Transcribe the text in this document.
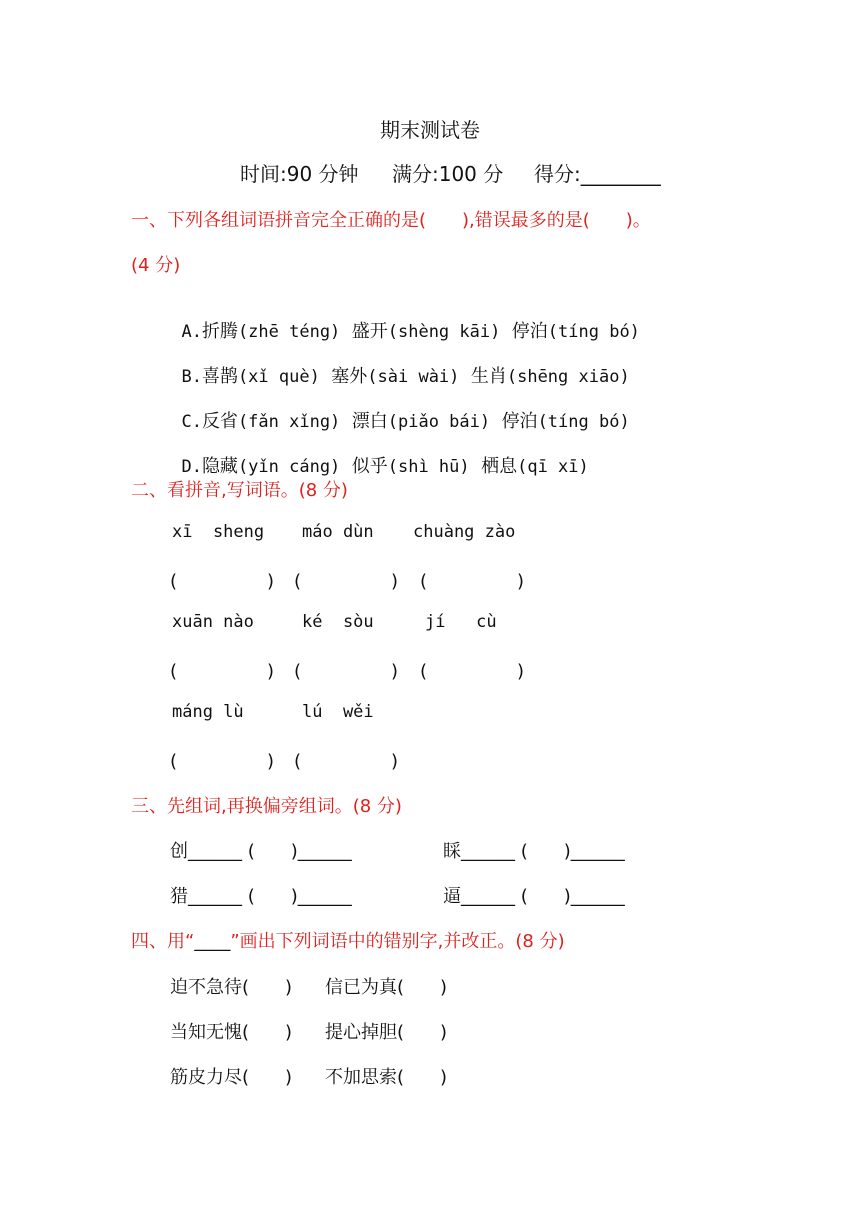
期末测试卷
时间:90 分钟 满分:100 分 得分:________
一、下列各组词语拼音完全正确的是(　　),错误最多的是(　　)。
(4 分)

A.折腾(zhē téng) 盛开(shèng kāi) 停泊(tíng bó)

B.喜鹊(xǐ què) 塞外(sài wài) 生肖(shēng xiāo)

C.反省(fǎn xǐng) 漂白(piǎo bái) 停泊(tíng bó)

D.隐藏(yǐn cáng) 似乎(shì hū) 栖息(qī xī)

二、看拼音,写词语。(8 分)
xī  sheng máo dùn chuàng zào
(　　　　　) (　　　　　) (　　　　　)
xuān nào	ké  sòu	jí   cù
(　　　　　) (　　　　　) (　　　　　)
máng lù	lú  wěi
(　　　　　) (　　　　　)
三、先组词,再换偏旁组词。(8 分)
创______ (　　)______	睬______ (　　)______
猎______ (　　)______	逼______ (　　)______
四、用“____”画出下列词语中的错别字,并改正。(8 分)
迫不急待(　　) 信已为真(　　)
当知无愧(　　) 提心掉胆(　　)
筋皮力尽(　　) 不加思索(　　)
